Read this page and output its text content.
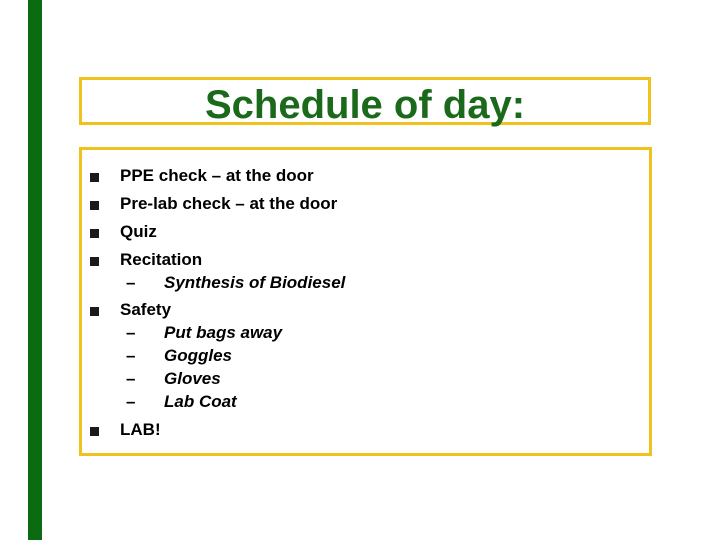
Schedule of day:
PPE check – at the door
Pre-lab check – at the door
Quiz
Recitation
– Synthesis of Biodiesel
Safety
– Put bags away
– Goggles
– Gloves
– Lab Coat
LAB!
